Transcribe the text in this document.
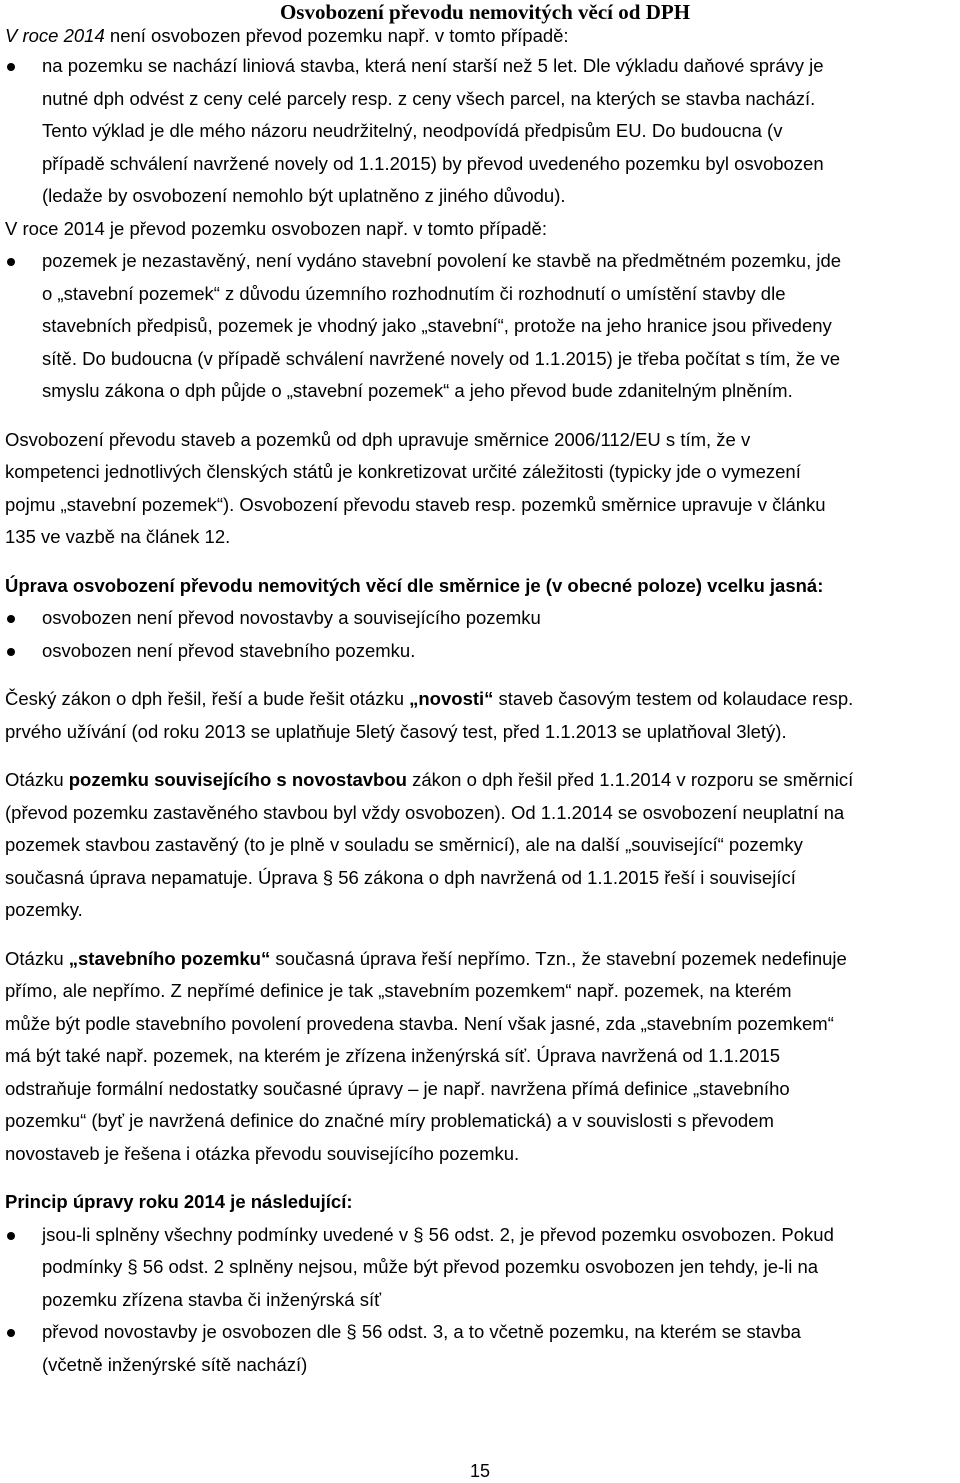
Osvobození převodu nemovitých věcí od DPH

V roce 2014 není osvobozen převod pozemku např. v tomto případě:

na pozemku se nachází liniová stavba, která není starší než 5 let. Dle výkladu daňové správy je
nutné dph odvést z ceny celé parcely resp. z ceny všech parcel, na kterých se stavba nachází.
Tento výklad je dle mého názoru neudržitelný, neodpovídá předpisům EU. Do budoucna (v
případě schválení navržené novely od 1.1.2015) by převod uvedeného pozemku byl osvobozen
(ledaže by osvobození nemohlo být uplatněno z jiného důvodu).

V roce 2014 je převod pozemku osvobozen např. v tomto případě:

pozemek je nezastavěný, není vydáno stavební povolení ke stavbě na předmětném pozemku, jde
o „stavební pozemek“ z důvodu územního rozhodnutím či rozhodnutí o umístění stavby dle
stavebních předpisů, pozemek je vhodný jako „stavební“, protože na jeho hranice jsou přivedeny
sítě. Do budoucna (v případě schválení navržené novely od 1.1.2015) je třeba počítat s tím, že ve
smyslu zákona o dph půjde o „stavební pozemek“ a jeho převod bude zdanitelným plněním.

Osvobození převodu staveb a pozemků od dph upravuje směrnice 2006/112/EU s tím, že v
kompetenci jednotlivých členských států je konkretizovat určité záležitosti (typicky jde o vymezení
pojmu „stavební pozemek“). Osvobození převodu staveb resp. pozemků směrnice upravuje v článku
135 ve vazbě na článek 12.

Úprava osvobození převodu nemovitých věcí dle směrnice je (v obecné poloze) vcelku jasná:

osvobozen není převod novostavby a souvisejícího pozemku
osvobozen není převod stavebního pozemku.

Český zákon o dph řešil, řeší a bude řešit otázku „novosti“ staveb časovým testem od kolaudace resp.
prvého užívání (od roku 2013 se uplatňuje 5letý časový test, před 1.1.2013 se uplatňoval 3letý).

Otázku pozemku souvisejícího s novostavbou zákon o dph řešil před 1.1.2014 v rozporu se směrnicí
(převod pozemku zastavěného stavbou byl vždy osvobozen). Od 1.1.2014 se osvobození neuplatní na
pozemek stavbou zastavěný (to je plně v souladu se směrnicí), ale na další „související“ pozemky
současná úprava nepamatuje. Úprava § 56 zákona o dph navržená od 1.1.2015 řeší i související
pozemky.

Otázku „stavebního pozemku“ současná úprava řeší nepřímo. Tzn., že stavební pozemek nedefinuje
přímo, ale nepřímo. Z nepřímé definice je tak „stavebním pozemkem“ např. pozemek, na kterém
může být podle stavebního povolení provedena stavba. Není však jasné, zda „stavebním pozemkem“
má být také např. pozemek, na kterém je zřízena inženýrská síť. Úprava navržená od 1.1.2015
odstraňuje formální nedostatky současné úpravy – je např. navržena přímá definice „stavebního
pozemku“ (byť je navržená definice do značné míry problematická) a v souvislosti s převodem
novostaveb je řešena i otázka převodu souvisejícího pozemku.

Princip úpravy roku 2014 je následující:

jsou-li splněny všechny podmínky uvedené v § 56 odst. 2, je převod pozemku osvobozen. Pokud
podmínky § 56 odst. 2 splněny nejsou, může být převod pozemku osvobozen jen tehdy, je-li na
pozemku zřízena stavba či inženýrská síť
převod novostavby je osvobozen dle § 56 odst. 3, a to včetně pozemku, na kterém se stavba
(včetně inženýrské sítě nachází)
15
